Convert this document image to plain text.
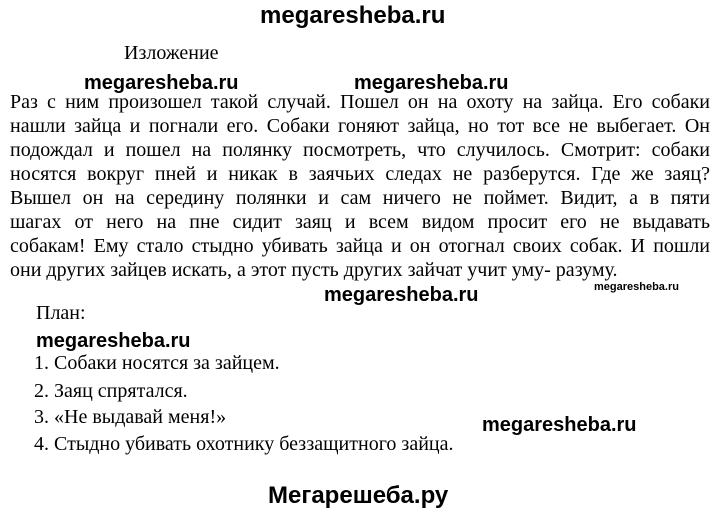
megaresheba.ru
Изложение
megaresheba.ru	megaresheba.ru
Раз с ним произошел такой случай. Пошел он на охоту на зайца. Его собаки
нашли зайца и погнали его. Собаки гоняют зайца, но тот все не выбегает. Он
подождал и пошел на полянку посмотреть, что случилось. Смотрит: собаки
носятся вокруг пней и никак в заячьих следах не разберутся. Где же заяц?
Вышел он на середину полянки и сам ничего не поймет. Видит, а в пяти
шагах от него на пне сидит заяц и всем видом просит его не выдавать
собакам! Ему стало стыдно убивать зайца и он отогнал своих собак. И пошли
они других зайцев искать, а этот пусть других зайчат учит уму- разуму.
megaresheba.ru	megaresheba.ru
План:
megaresheba.ru
1. Собаки носятся за зайцем.
2. Заяц спрятался.
3. «Не выдавай меня!»	megaresheba.ru
4. Стыдно убивать охотнику беззащитного зайца.
Мегарешеба.ру
